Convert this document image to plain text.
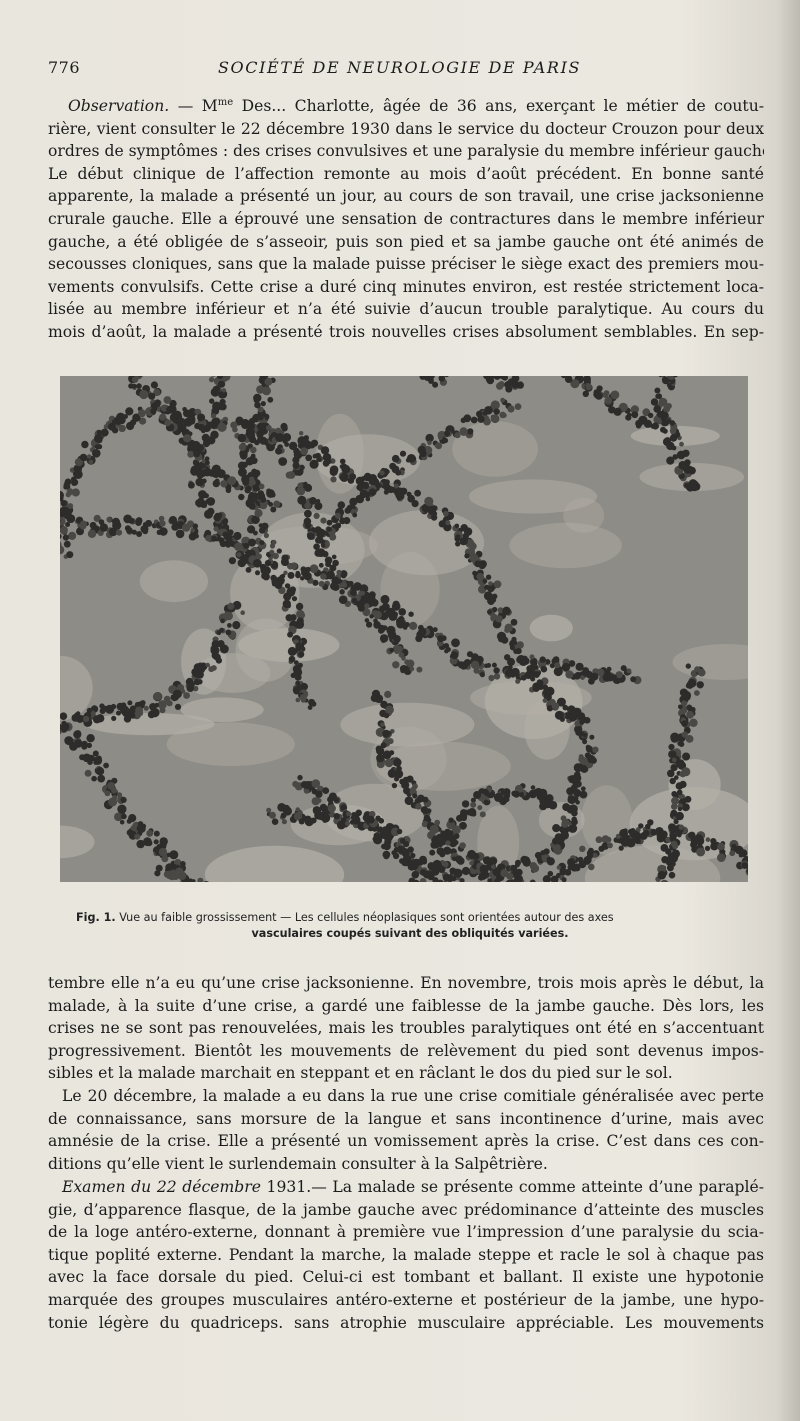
776	SOCIÉTÉ DE NEUROLOGIE DE PARIS
Observation. — $M^{me}$ Des... Charlotte, âgée de 36 ans, exerçant le métier de coutu-
rière, vient consulter le 22 décembre 1930 dans le service du docteur Crouzon pour deux
ordres de symptômes : des crises convulsives et une paralysie du membre inférieur gauche.
Le début clinique de l’affection remonte au mois d’août précédent. En bonne santé
apparente, la malade a présenté un jour, au cours de son travail, une crise jacksonienne
crurale gauche. Elle a éprouvé une sensation de contractures dans le membre inférieur
gauche, a été obligée de s’asseoir, puis son pied et sa jambe gauche ont été animés de
secousses cloniques, sans que la malade puisse préciser le siège exact des premiers mou-
vements convulsifs. Cette crise a duré cinq minutes environ, est restée strictement loca-
lisée au membre inférieur et n’a été suivie d’aucun trouble paralytique. Au cours du
mois d’août, la malade a présenté trois nouvelles crises absolument semblables. En sep-
Fig. 1. Vue au faible grossissement — Les cellules néoplasiques sont orientées autour des axes
vasculaires coupés suivant des obliquités variées.
tembre elle n’a eu qu’une crise jacksonienne. En novembre, trois mois après le début, la
malade, à la suite d’une crise, a gardé une faiblesse de la jambe gauche. Dès lors, les
crises ne se sont pas renouvelées, mais les troubles paralytiques ont été en s’accentuant
progressivement. Bientôt les mouvements de relèvement du pied sont devenus impos-
sibles et la malade marchait en steppant et en râclant le dos du pied sur le sol.
Le 20 décembre, la malade a eu dans la rue une crise comitiale généralisée avec perte
de connaissance, sans morsure de la langue et sans incontinence d’urine, mais avec
amnésie de la crise. Elle a présenté un vomissement après la crise. C’est dans ces con-
ditions qu’elle vient le surlendemain consulter à la Salpêtrière.
Examen du 22 décembre 1931.— La malade se présente comme atteinte d’une paraplé-
gie, d’apparence flasque, de la jambe gauche avec prédominance d’atteinte des muscles
de la loge antéro-externe, donnant à première vue l’impression d’une paralysie du scia-
tique poplité externe. Pendant la marche, la malade steppe et racle le sol à chaque pas
avec la face dorsale du pied. Celui-ci est tombant et ballant. Il existe une hypotonie
marquée des groupes musculaires antéro-externe et postérieur de la jambe, une hypo-
tonie légère du quadriceps. sans atrophie musculaire appréciable. Les mouvements
